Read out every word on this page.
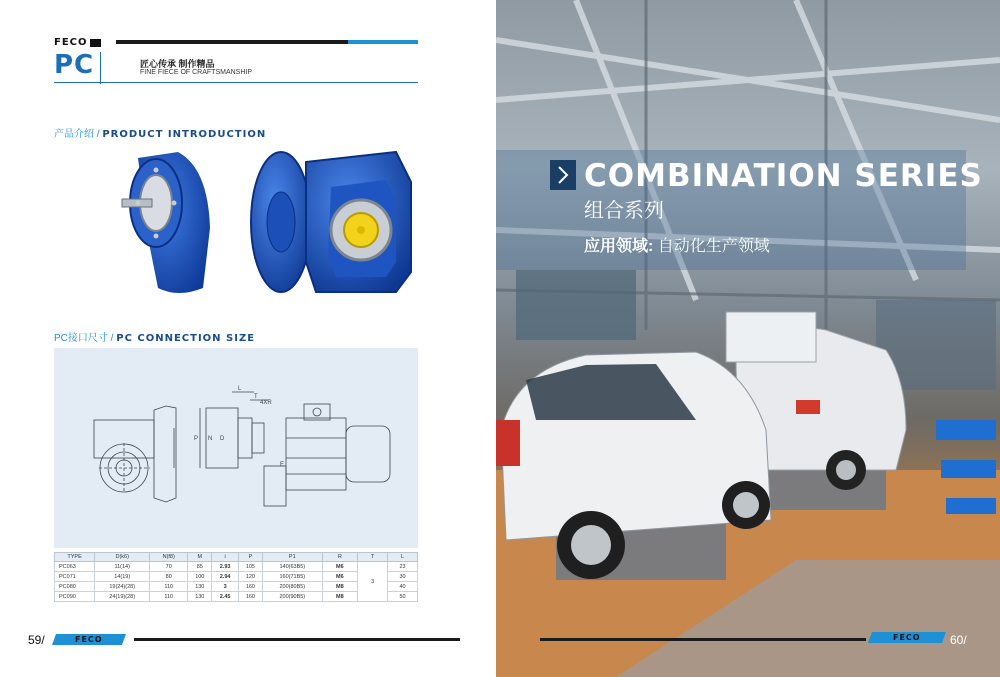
FECO
PC	匠心传承 制作精品
FINE FIECE OF CRAFTSMANSHIP
产品介绍 / PRODUCT INTRODUCTION
PC接口尺寸 / PC CONNECTION SIZE
L
T
4XR
P N D
E
TYPE	D(k6)	N(f8)	M	i	P	P1	R	T	L
PC063	11(14)	70	85	2.93	105	140(63B5)	M6	3	23
PC071	14(19)	80	100	2.94	120	160(71B5)	M6		30
PC080	19(24)(28)	110	130	3	160	200(80B5)	M8		40
PC090	24(19)(28)	110	130	2.45	160	200(90B5)	M8		50
59/	FECO
COMBINATION SERIES
组合系列
应用领域: 自动化生产领域
FECO 60/
